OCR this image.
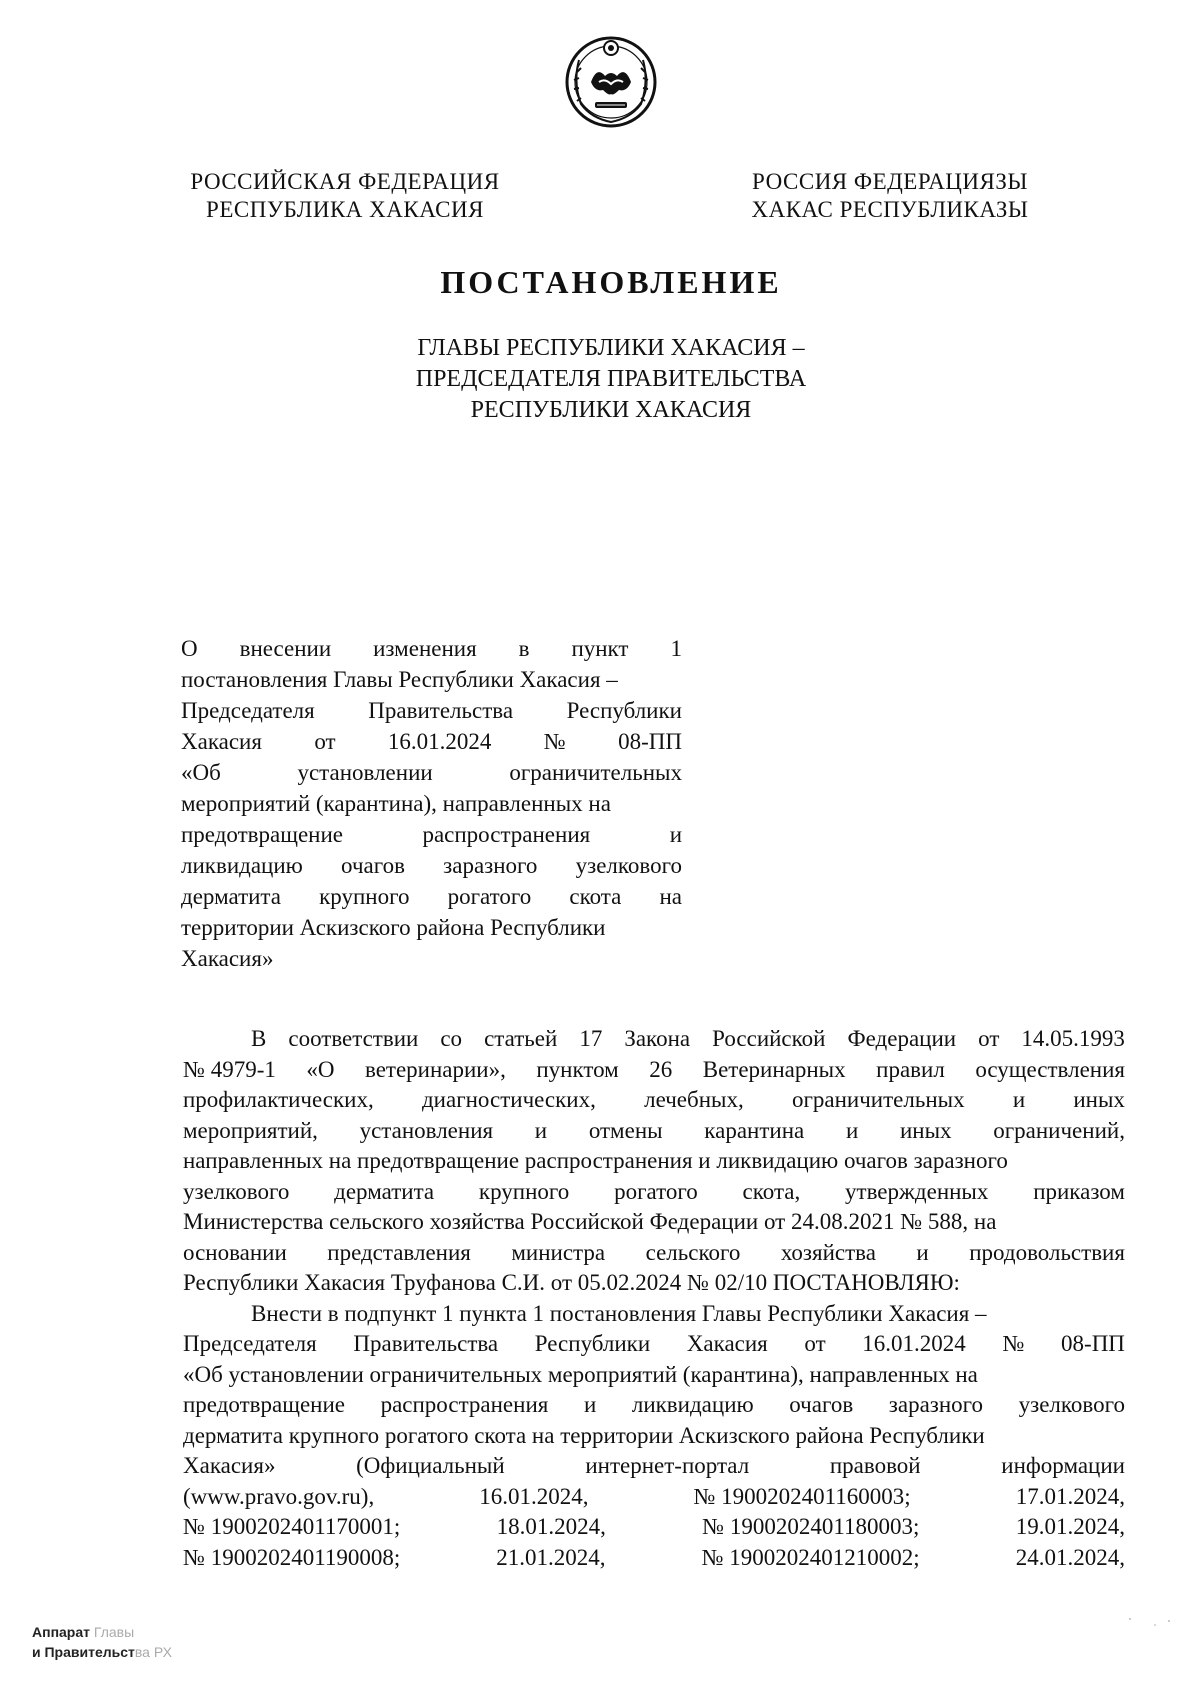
РОССИЙСКАЯ ФЕДЕРАЦИЯ
РЕСПУБЛИКА ХАКАСИЯ
РОССИЯ ФЕДЕРАЦИЯЗЫ
ХАКАС РЕСПУБЛИКАЗЫ
ПОСТАНОВЛЕНИЕ
ГЛАВЫ РЕСПУБЛИКИ ХАКАСИЯ –
ПРЕДСЕДАТЕЛЯ ПРАВИТЕЛЬСТВА
РЕСПУБЛИКИ ХАКАСИЯ
О внесении изменения в пункт 1
постановления Главы Республики Хакасия –
Председателя Правительства Республики
Хакасия от 16.01.2024 № 08-ПП
«Об	установлении	ограничительных
мероприятий (карантина), направленных на
предотвращение	распространения	и
ликвидацию очагов заразного узелкового
дерматита крупного рогатого скота на
территории Аскизского района Республики
Хакасия»
В соответствии со статьей 17 Закона Российской Федерации от 14.05.1993
№ 4979-1 «О ветеринарии», пунктом 26 Ветеринарных правил осуществления
профилактических, диагностических, лечебных, ограничительных и иных
мероприятий, установления и отмены карантина и иных ограничений,
направленных на предотвращение распространения и ликвидацию очагов заразного
узелкового дерматита крупного рогатого скота, утвержденных приказом
Министерства сельского хозяйства Российской Федерации от 24.08.2021 № 588, на
основании представления министра сельского хозяйства и продовольствия
Республики Хакасия Труфанова С.И. от 05.02.2024 № 02/10 ПОСТАНОВЛЯЮ:
Внести в подпункт 1 пункта 1 постановления Главы Республики Хакасия –
Председателя Правительства Республики Хакасия от 16.01.2024 № 08-ПП
«Об установлении ограничительных мероприятий (карантина), направленных на
предотвращение распространения и ликвидацию очагов заразного узелкового
дерматита крупного рогатого скота на территории Аскизского района Республики
Хакасия»	(Официальный	интернет-портал	правовой	информации
(www.pravo.gov.ru),	16.01.2024,	№ 1900202401160003;	17.01.2024,
№ 1900202401170001;	18.01.2024,	№ 1900202401180003;	19.01.2024,
№ 1900202401190008;	21.01.2024,	№ 1900202401210002;	24.01.2024,
Аппарат Главы
и Правительства РХ
